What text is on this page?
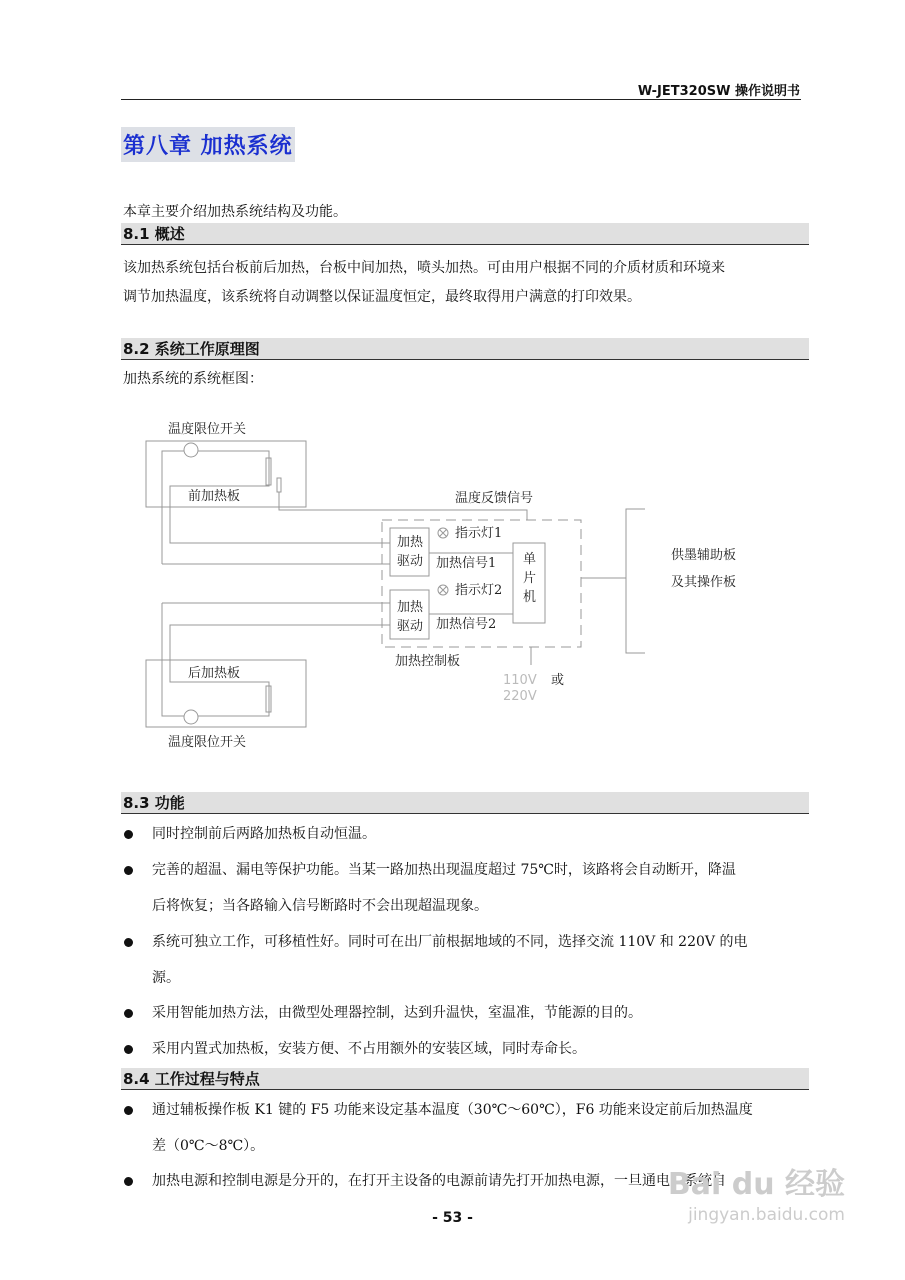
W-JET320SW 操作说明书
第八章 加热系统
本章主要介绍加热系统结构及功能。
8.1 概述
该加热系统包括台板前后加热，台板中间加热，喷头加热。可由用户根据不同的介质材质和环境来
调节加热温度，该系统将自动调整以保证温度恒定，最终取得用户满意的打印效果。
8.2 系统工作原理图
加热系统的系统框图：
温度限位开关
前加热板	温度反馈信号
加热
驱动
加热
驱动
指示灯1
加热信号1
指示灯2
加热信号2
单
片
机
供墨辅助板
及其操作板
加热控制板
110V
220V
或
后加热板
温度限位开关
8.3 功能
同时控制前后两路加热板自动恒温。
完善的超温、漏电等保护功能。当某一路加热出现温度超过 75℃时，该路将会自动断开，降温
后将恢复；当各路输入信号断路时不会出现超温现象。
系统可独立工作，可移植性好。同时可在出厂前根据地域的不同，选择交流 110V 和 220V 的电
源。
采用智能加热方法，由微型处理器控制，达到升温快，室温准，节能源的目的。
采用内置式加热板，安装方便、不占用额外的安装区域，同时寿命长。
8.4 工作过程与特点
通过辅板操作板 K1 键的 F5 功能来设定基本温度（30℃～60℃），F6 功能来设定前后加热温度
差（0℃～8℃）。
加热电源和控制电源是分开的，在打开主设备的电源前请先打开加热电源，一旦通电，系统自
Bai du 经验
jingyan.baidu.com
- 53 -
